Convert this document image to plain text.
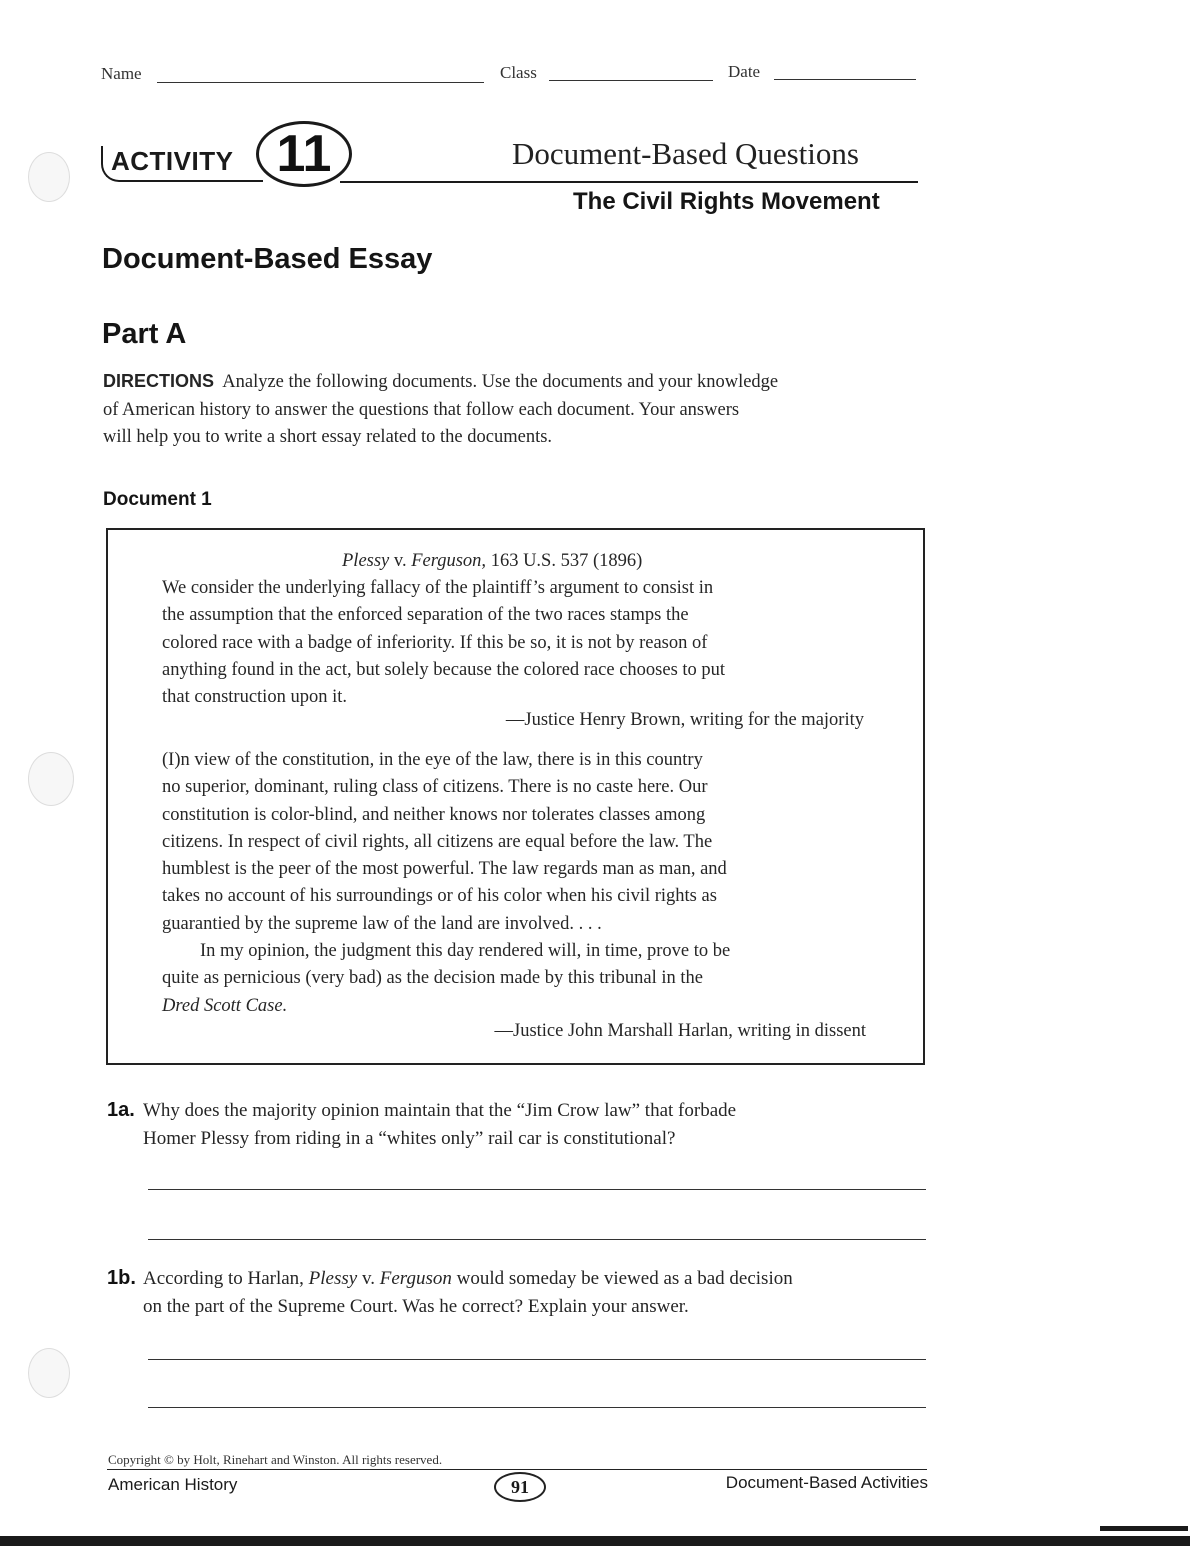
Name	Class	Date
ACTIVITY 11	Document-Based Questions
The Civil Rights Movement
Document-Based Essay
Part A
DIRECTIONS Analyze the following documents. Use the documents and your knowledge
of American history to answer the questions that follow each document. Your answers
will help you to write a short essay related to the documents.
Document 1
Plessy v. Ferguson, 163 U.S. 537 (1896)
We consider the underlying fallacy of the plaintiff’s argument to consist in
the assumption that the enforced separation of the two races stamps the
colored race with a badge of inferiority. If this be so, it is not by reason of
anything found in the act, but solely because the colored race chooses to put
that construction upon it.
—Justice Henry Brown, writing for the majority
(I)n view of the constitution, in the eye of the law, there is in this country
no superior, dominant, ruling class of citizens. There is no caste here. Our
constitution is color-blind, and neither knows nor tolerates classes among
citizens. In respect of civil rights, all citizens are equal before the law. The
humblest is the peer of the most powerful. The law regards man as man, and
takes no account of his surroundings or of his color when his civil rights as
guarantied by the supreme law of the land are involved. . . .
In my opinion, the judgment this day rendered will, in time, prove to be
quite as pernicious (very bad) as the decision made by this tribunal in the
Dred Scott Case.
—Justice John Marshall Harlan, writing in dissent
1a. Why does the majority opinion maintain that the “Jim Crow law” that forbade
Homer Plessy from riding in a “whites only” rail car is constitutional?
1b. According to Harlan, Plessy v. Ferguson would someday be viewed as a bad decision
on the part of the Supreme Court. Was he correct? Explain your answer.
Copyright © by Holt, Rinehart and Winston. All rights reserved.
American History	91	Document-Based Activities
